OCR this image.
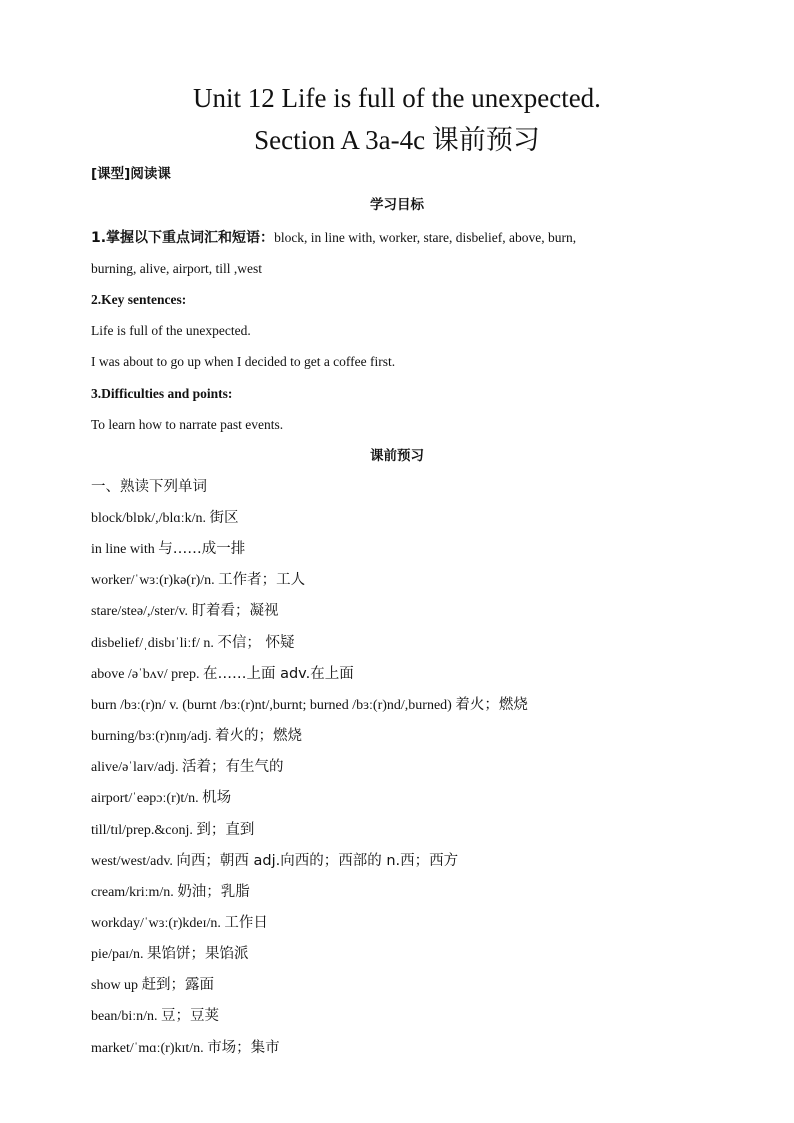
Unit 12 Life is full of the unexpected.
Section A 3a-4c 课前预习
[课型]阅读课
学习目标
1.掌握以下重点词汇和短语：block, in line with, worker, stare, disbelief, above, burn,
burning, alive, airport, till ,west
2.Key sentences:
Life is full of the unexpected.
I was about to go up when I decided to get a coffee first.
3.Difficulties and points:
To learn how to narrate past events.
课前预习
一、熟读下列单词
block/blɒk/,/blɑːk/n. 街区
in line with 与……成一排
worker/ˈwɜː(r)kə(r)/n. 工作者；工人
stare/steə/,/ster/v. 盯着看；凝视
disbelief/ˌdisbɪˈliːf/ n. 不信； 怀疑
above /əˈbʌv/ prep. 在……上面 adv.在上面
burn /bɜː(r)n/ v. (burnt /bɜː(r)nt/,burnt; burned /bɜː(r)nd/,burned) 着火；燃烧
burning/bɜː(r)nɪŋ/adj. 着火的；燃烧
alive/əˈlaɪv/adj. 活着；有生气的
airport/ˈeəpɔː(r)t/n. 机场
till/tɪl/prep.&conj. 到；直到
west/west/adv. 向西；朝西 adj.向西的；西部的 n.西；西方
cream/kriːm/n. 奶油；乳脂
workday/ˈwɜː(r)kdeɪ/n. 工作日
pie/paɪ/n. 果馅饼；果馅派
show up 赶到；露面
bean/biːn/n. 豆；豆荚
market/ˈmɑː(r)kɪt/n. 市场；集市
